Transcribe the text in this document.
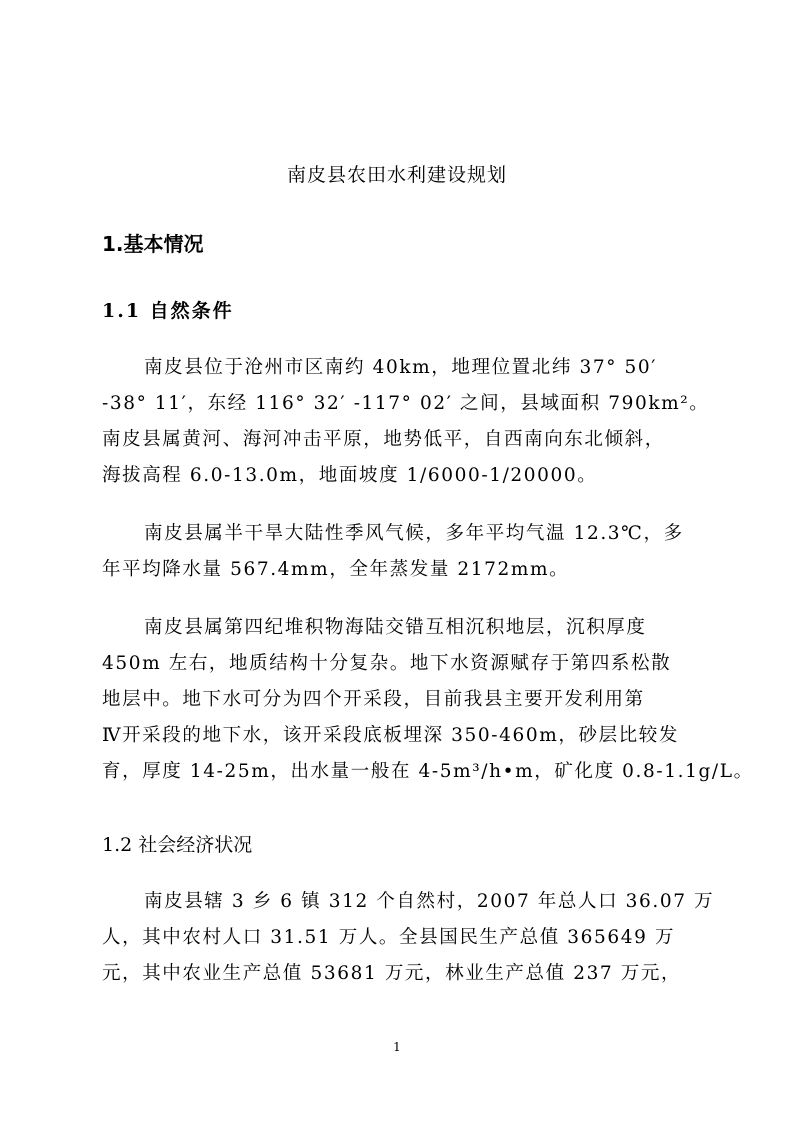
南皮县农田水利建设规划
1.基本情况
1.1 自然条件
南皮县位于沧州市区南约 40km，地理位置北纬 37° 50′
-38° 11′，东经 116° 32′ -117° 02′ 之间，县域面积 790km²。
南皮县属黄河、海河冲击平原，地势低平，自西南向东北倾斜，
海拔高程 6.0-13.0m，地面坡度 1/6000-1/20000。
南皮县属半干旱大陆性季风气候，多年平均气温 12.3℃，多
年平均降水量 567.4mm，全年蒸发量 2172mm。
南皮县属第四纪堆积物海陆交错互相沉积地层，沉积厚度
450m 左右，地质结构十分复杂。地下水资源赋存于第四系松散
地层中。地下水可分为四个开采段，目前我县主要开发利用第
Ⅳ开采段的地下水，该开采段底板埋深 350-460m，砂层比较发
育，厚度 14-25m，出水量一般在 4-5m³/h•m，矿化度 0.8-1.1g/L。
1.2 社会经济状况
南皮县辖 3 乡 6 镇 312 个自然村，2007 年总人口 36.07 万
人，其中农村人口 31.51 万人。全县国民生产总值 365649 万
元，其中农业生产总值 53681 万元，林业生产总值 237 万元，
1
